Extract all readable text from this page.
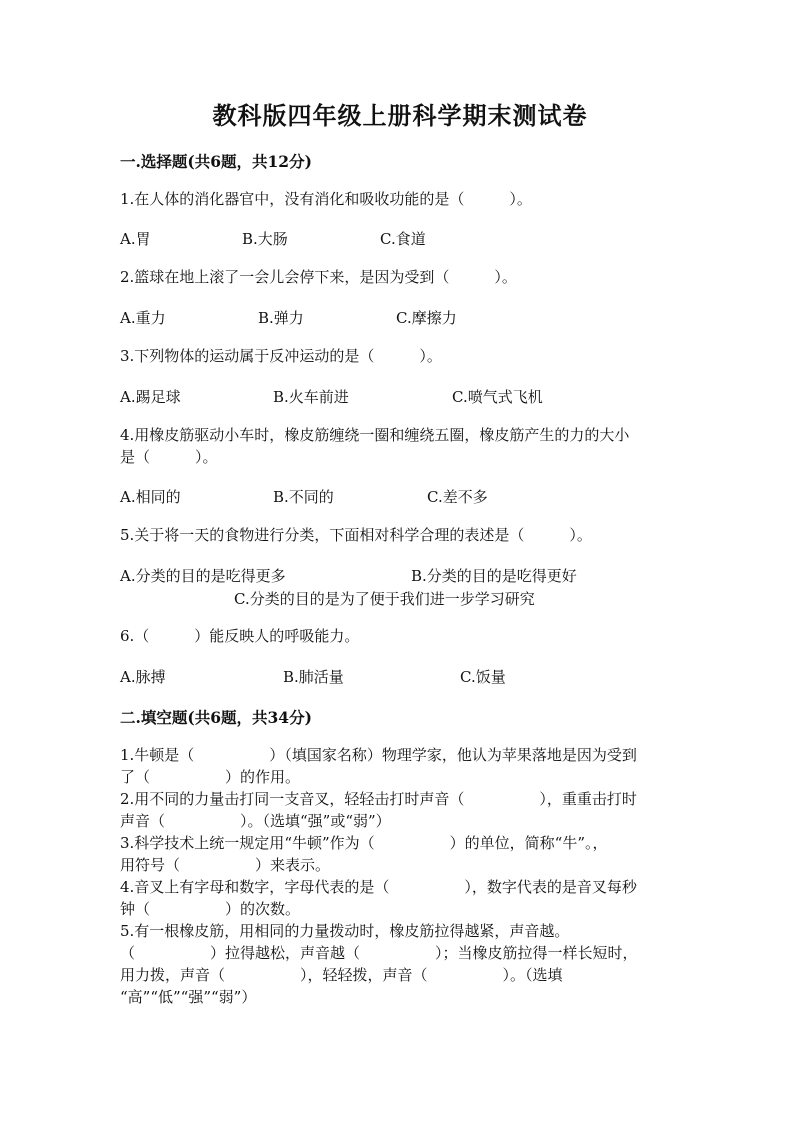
教科版四年级上册科学期末测试卷
一.选择题(共6题，共12分)
1.在人体的消化器官中，没有消化和吸收功能的是（　　　）。
A.胃	B.大肠	C.食道
2.篮球在地上滚了一会儿会停下来，是因为受到（　　　）。
A.重力	B.弹力	C.摩擦力
3.下列物体的运动属于反冲运动的是（　　　）。
A.踢足球	B.火车前进	C.喷气式飞机
4.用橡皮筋驱动小车时，橡皮筋缠绕一圈和缠绕五圈，橡皮筋产生的力的大小
是（　　　）。
A.相同的	B.不同的	C.差不多
5.关于将一天的食物进行分类，下面相对科学合理的表述是（　　　）。
A.分类的目的是吃得更多	B.分类的目的是吃得更好
C.分类的目的是为了便于我们进一步学习研究
6.（　　　）能反映人的呼吸能力。
A.脉搏	B.肺活量	C.饭量
二.填空题(共6题，共34分)
1.牛顿是（　　　　　）（填国家名称）物理学家，他认为苹果落地是因为受到
了（　　　　　）的作用。
2.用不同的力量击打同一支音叉，轻轻击打时声音（　　　　　），重重击打时
声音（　　　　　）。（选填“强”或“弱”）
3.科学技术上统一规定用“牛顿”作为（　　　　　）的单位，简称“牛”。，
用符号（　　　　　）来表示。
4.音叉上有字母和数字，字母代表的是（　　　　　），数字代表的是音叉每秒
钟（　　　　　）的次数。
5.有一根橡皮筋，用相同的力量拨动时，橡皮筋拉得越紧，声音越。
（　　　　　）拉得越松，声音越（　　　　　）；当橡皮筋拉得一样长短时，
用力拨，声音（　　　　　），轻轻拨，声音（　　　　　）。（选填
“高”“低”“强”“弱”）
